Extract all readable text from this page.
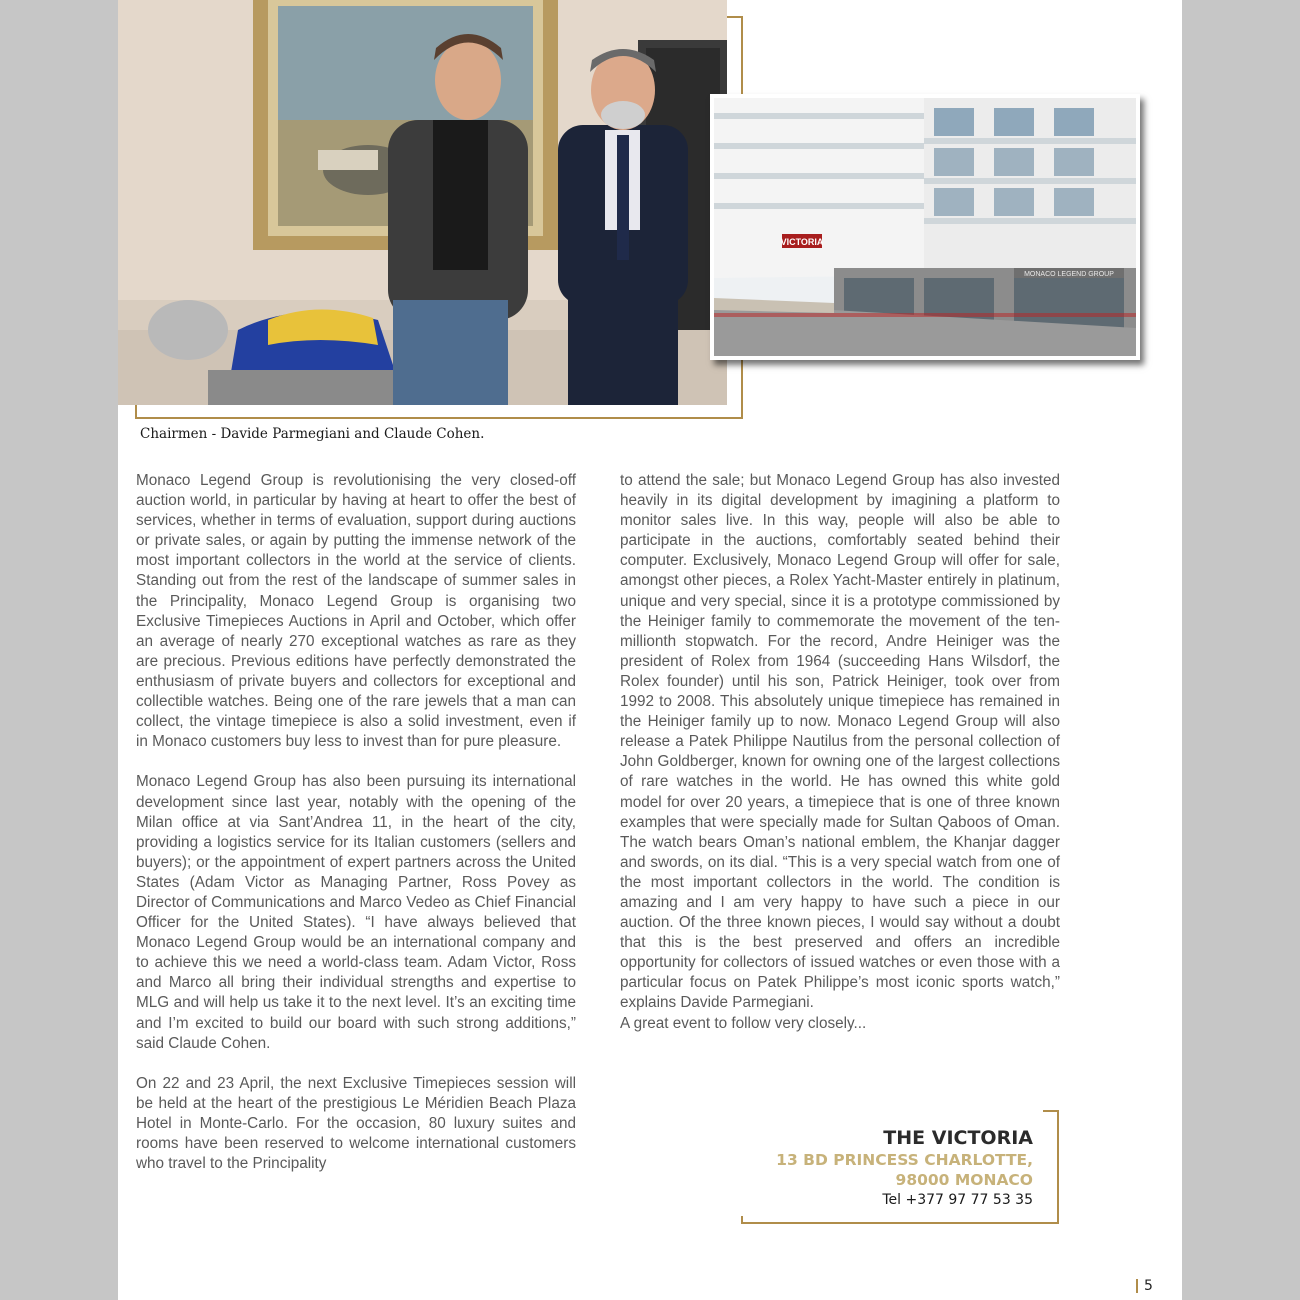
Chairmen - Davide Parmegiani and Claude Cohen.
VICTORIA
MONACO LEGEND GROUP

Monaco Legend Group is revolutionising the very closed-off auction world, in particular by having at heart to offer the best of services, whether in terms of evaluation, support during auctions or private sales, or again by putting the immense network of the most important collectors in the world at the service of clients. Standing out from the rest of the landscape of summer sales in the Principality, Monaco Legend Group is organising two Exclusive Timepieces Auctions in April and October, which offer an average of nearly 270 exceptional watches as rare as they are precious. Previous editions have perfectly demonstrated the enthusiasm of private buyers and collectors for exceptional and collectible watches. Being one of the rare jewels that a man can collect, the vintage timepiece is also a solid investment, even if in Monaco customers buy less to invest than for pure pleasure.

Monaco Legend Group has also been pursuing its international development since last year, notably with the opening of the Milan office at via Sant’Andrea 11, in the heart of the city, providing a logistics service for its Italian customers (sellers and buyers); or the appointment of expert partners across the United States (Adam Victor as Managing Partner, Ross Povey as Director of Communications and Marco Vedeo as Chief Financial Officer for the United States). “I have always believed that Monaco Legend Group would be an international company and to achieve this we need a world-class team. Adam Victor, Ross and Marco all bring their individual strengths and expertise to MLG and will help us take it to the next level. It’s an exciting time and I’m excited to build our board with such strong additions,” said Claude Cohen.

On 22 and 23 April, the next Exclusive Timepieces session will be held at the heart of the prestigious Le Méridien Beach Plaza Hotel in Monte-Carlo. For the occasion, 80 luxury suites and rooms have been reserved to welcome international customers who travel to the Principality

to attend the sale; but Monaco Legend Group has also invested heavily in its digital development by imagining a platform to monitor sales live. In this way, people will also be able to participate in the auctions, comfortably seated behind their computer. Exclusively, Monaco Legend Group will offer for sale, amongst other pieces, a Rolex Yacht-Master entirely in platinum, unique and very special, since it is a prototype commissioned by the Heiniger family to commemorate the movement of the ten-millionth stopwatch. For the record, Andre Heiniger was the president of Rolex from 1964 (succeeding Hans Wilsdorf, the Rolex founder) until his son, Patrick Heiniger, took over from 1992 to 2008. This absolutely unique timepiece has remained in the Heiniger family up to now. Monaco Legend Group will also release a Patek Philippe Nautilus from the personal collection of John Goldberger, known for owning one of the largest collections of rare watches in the world. He has owned this white gold model for over 20 years, a timepiece that is one of three known examples that were specially made for Sultan Qaboos of Oman. The watch bears Oman’s national emblem, the Khanjar dagger and swords, on its dial. “This is a very special watch from one of the most important collectors in the world. The condition is amazing and I am very happy to have such a piece in our auction. Of the three known pieces, I would say without a doubt that this is the best preserved and offers an incredible opportunity for collectors of issued watches or even those with a particular focus on Patek Philippe’s most iconic sports watch,” explains Davide Parmegiani.

A great event to follow very closely...

THE VICTORIA
13 BD PRINCESS CHARLOTTE,
98000 MONACO
Tel +377 97 77 53 35
5
